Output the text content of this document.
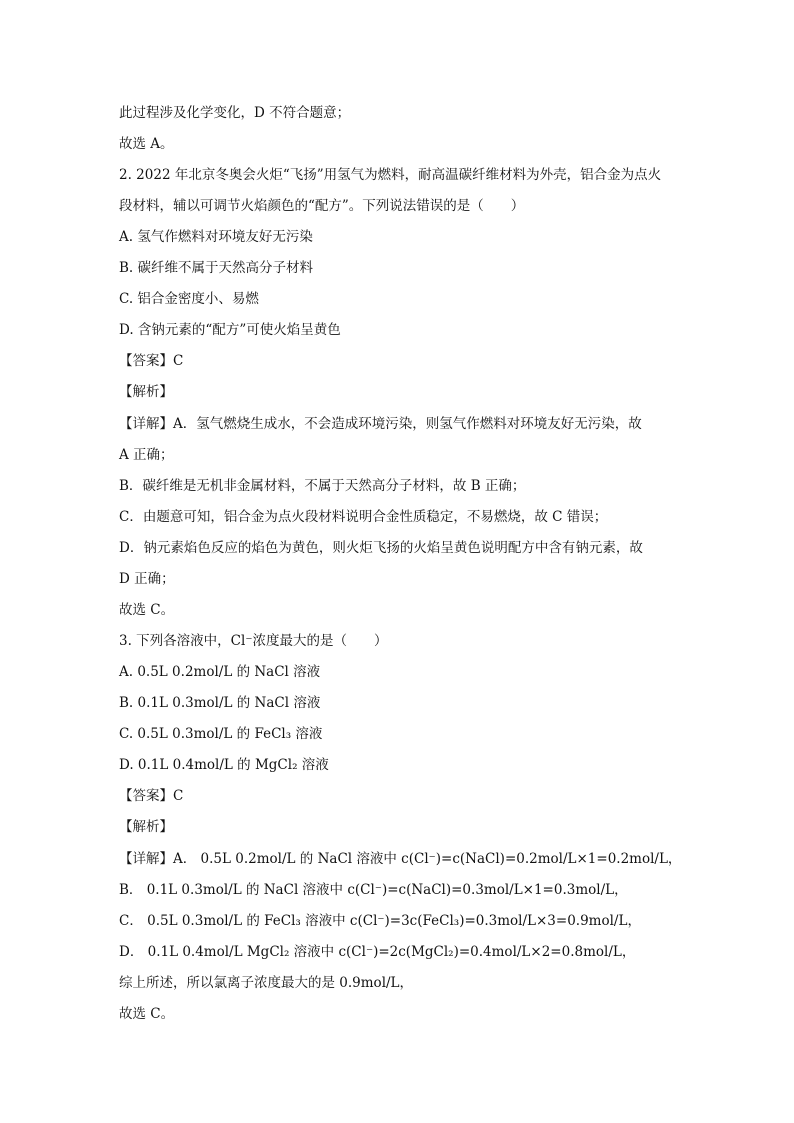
此过程涉及化学变化，D 不符合题意；
故选 A。
2. 2022 年北京冬奥会火炬“飞扬”用氢气为燃料，耐高温碳纤维材料为外壳，铝合金为点火
段材料，辅以可调节火焰颜色的“配方”。下列说法错误的是（　　）
A. 氢气作燃料对环境友好无污染
B. 碳纤维不属于天然高分子材料
C. 铝合金密度小、易燃
D. 含钠元素的“配方”可使火焰呈黄色
【答案】C
【解析】
【详解】A．氢气燃烧生成水，不会造成环境污染，则氢气作燃料对环境友好无污染，故
A 正确；
B．碳纤维是无机非金属材料，不属于天然高分子材料，故 B 正确；
C．由题意可知，铝合金为点火段材料说明合金性质稳定，不易燃烧，故 C 错误；
D．钠元素焰色反应的焰色为黄色，则火炬飞扬的火焰呈黄色说明配方中含有钠元素，故
D 正确；
故选 C。
3. 下列各溶液中，Cl⁻浓度最大的是（　　）
A. 0.5L 0.2mol/L 的 NaCl 溶液
B. 0.1L 0.3mol/L 的 NaCl 溶液
C. 0.5L 0.3mol/L 的 FeCl₃ 溶液
D. 0.1L 0.4mol/L 的 MgCl₂ 溶液
【答案】C
【解析】
【详解】A． 0.5L 0.2mol/L 的 NaCl 溶液中 c(Cl⁻)=c(NaCl)=0.2mol/L×1=0.2mol/L，
B． 0.1L 0.3mol/L 的 NaCl 溶液中 c(Cl⁻)=c(NaCl)=0.3mol/L×1=0.3mol/L，
C． 0.5L 0.3mol/L 的 FeCl₃ 溶液中 c(Cl⁻)=3c(FeCl₃)=0.3mol/L×3=0.9mol/L，
D． 0.1L 0.4mol/L MgCl₂ 溶液中 c(Cl⁻)=2c(MgCl₂)=0.4mol/L×2=0.8mol/L，
综上所述，所以氯离子浓度最大的是 0.9mol/L，
故选 C。
